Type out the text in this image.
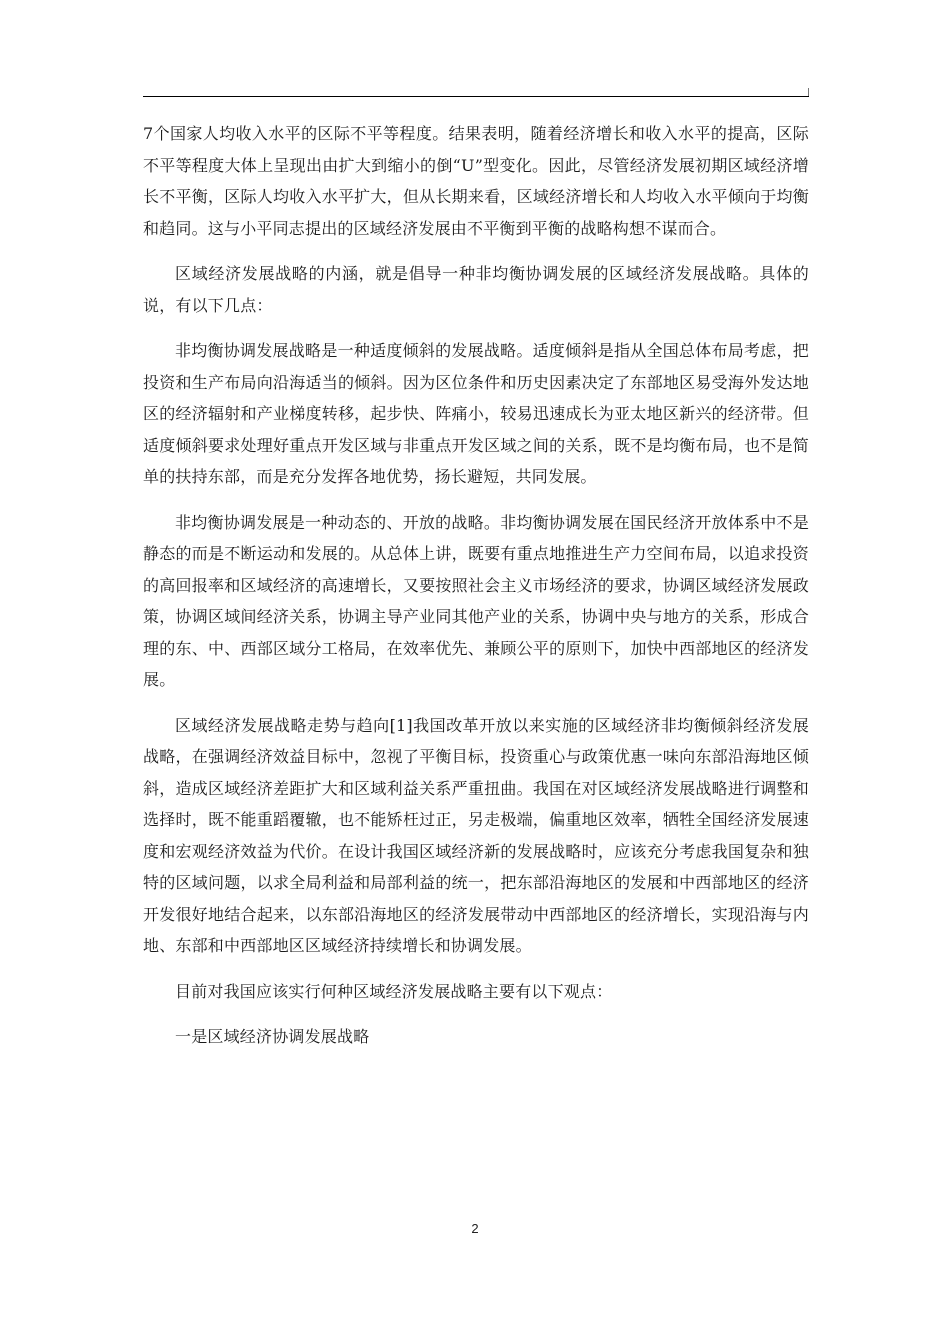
7个国家人均收入水平的区际不平等程度。结果表明，随着经济增长和收入水平的提高，区际不平等程度大体上呈现出由扩大到缩小的倒“U”型变化。因此，尽管经济发展初期区域经济增长不平衡，区际人均收入水平扩大，但从长期来看，区域经济增长和人均收入水平倾向于均衡和趋同。这与小平同志提出的区域经济发展由不平衡到平衡的战略构想不谋而合。

区域经济发展战略的内涵，就是倡导一种非均衡协调发展的区域经济发展战略。具体的说，有以下几点：

非均衡协调发展战略是一种适度倾斜的发展战略。适度倾斜是指从全国总体布局考虑，把投资和生产布局向沿海适当的倾斜。因为区位条件和历史因素决定了东部地区易受海外发达地区的经济辐射和产业梯度转移，起步快、阵痛小，较易迅速成长为亚太地区新兴的经济带。但适度倾斜要求处理好重点开发区域与非重点开发区域之间的关系，既不是均衡布局，也不是简单的扶持东部，而是充分发挥各地优势，扬长避短，共同发展。

非均衡协调发展是一种动态的、开放的战略。非均衡协调发展在国民经济开放体系中不是静态的而是不断运动和发展的。从总体上讲，既要有重点地推进生产力空间布局，以追求投资的高回报率和区域经济的高速增长，又要按照社会主义市场经济的要求，协调区域经济发展政策，协调区域间经济关系，协调主导产业同其他产业的关系，协调中央与地方的关系，形成合理的东、中、西部区域分工格局，在效率优先、兼顾公平的原则下，加快中西部地区的经济发展。

区域经济发展战略走势与趋向[1]我国改革开放以来实施的区域经济非均衡倾斜经济发展战略，在强调经济效益目标中，忽视了平衡目标，投资重心与政策优惠一味向东部沿海地区倾斜，造成区域经济差距扩大和区域利益关系严重扭曲。我国在对区域经济发展战略进行调整和选择时，既不能重蹈覆辙，也不能矫枉过正，另走极端，偏重地区效率，牺牲全国经济发展速度和宏观经济效益为代价。在设计我国区域经济新的发展战略时，应该充分考虑我国复杂和独特的区域问题，以求全局利益和局部利益的统一，把东部沿海地区的发展和中西部地区的经济开发很好地结合起来，以东部沿海地区的经济发展带动中西部地区的经济增长，实现沿海与内地、东部和中西部地区区域经济持续增长和协调发展。

目前对我国应该实行何种区域经济发展战略主要有以下观点：

一是区域经济协调发展战略

2
